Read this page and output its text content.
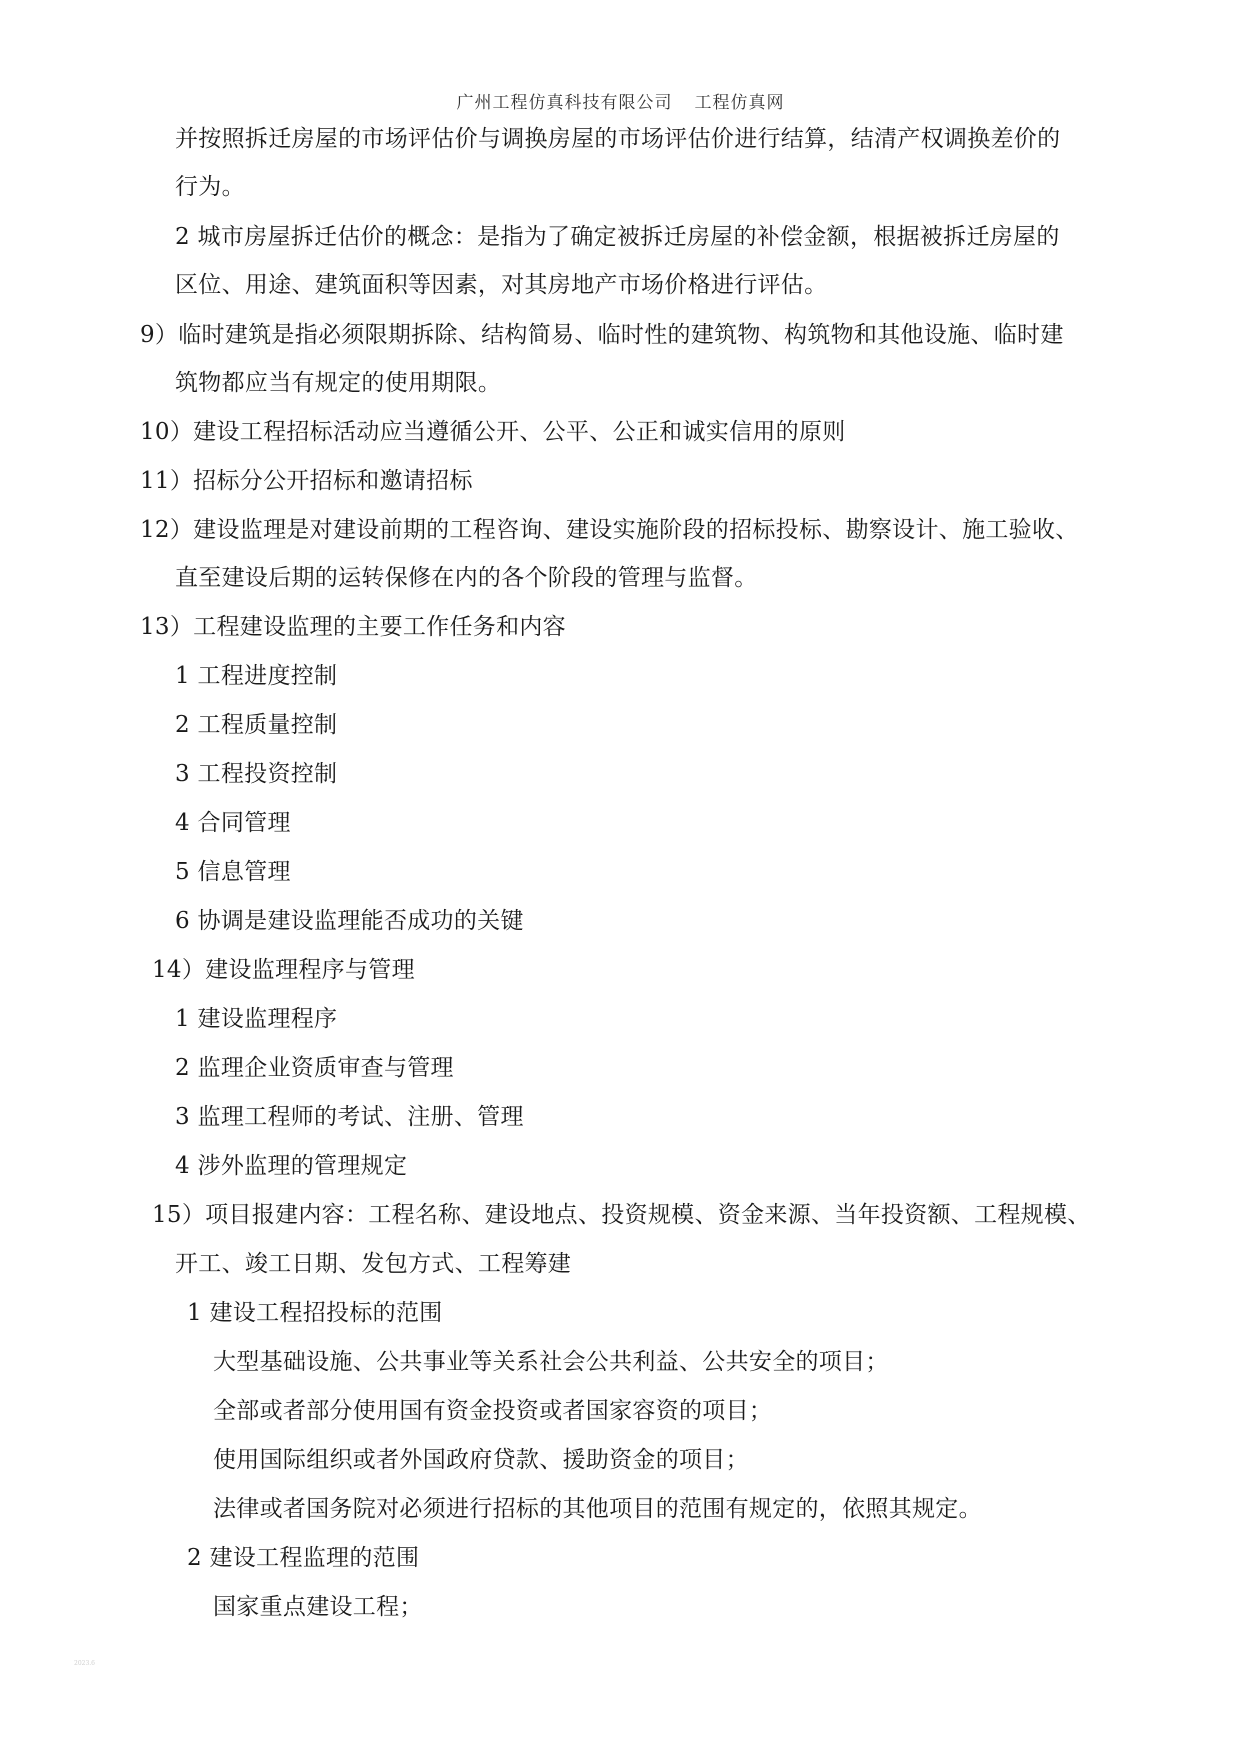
广州工程仿真科技有限公司 工程仿真网
并按照拆迁房屋的市场评估价与调换房屋的市场评估价进行结算，结清产权调换差价的
行为。
2 城市房屋拆迁估价的概念：是指为了确定被拆迁房屋的补偿金额，根据被拆迁房屋的
区位、用途、建筑面积等因素，对其房地产市场价格进行评估。
9）临时建筑是指必须限期拆除、结构简易、临时性的建筑物、构筑物和其他设施、临时建
筑物都应当有规定的使用期限。
10）建设工程招标活动应当遵循公开、公平、公正和诚实信用的原则
11）招标分公开招标和邀请招标
12）建设监理是对建设前期的工程咨询、建设实施阶段的招标投标、勘察设计、施工验收、
直至建设后期的运转保修在内的各个阶段的管理与监督。
13）工程建设监理的主要工作任务和内容
1 工程进度控制
2 工程质量控制
3 工程投资控制
4 合同管理
5 信息管理
6 协调是建设监理能否成功的关键
14）建设监理程序与管理
1 建设监理程序
2 监理企业资质审查与管理
3 监理工程师的考试、注册、管理
4 涉外监理的管理规定
15）项目报建内容：工程名称、建设地点、投资规模、资金来源、当年投资额、工程规模、
开工、竣工日期、发包方式、工程筹建
1 建设工程招投标的范围
大型基础设施、公共事业等关系社会公共利益、公共安全的项目；
全部或者部分使用国有资金投资或者国家容资的项目；
使用国际组织或者外国政府贷款、援助资金的项目；
法律或者国务院对必须进行招标的其他项目的范围有规定的，依照其规定。
2 建设工程监理的范围
国家重点建设工程；
2023.6
